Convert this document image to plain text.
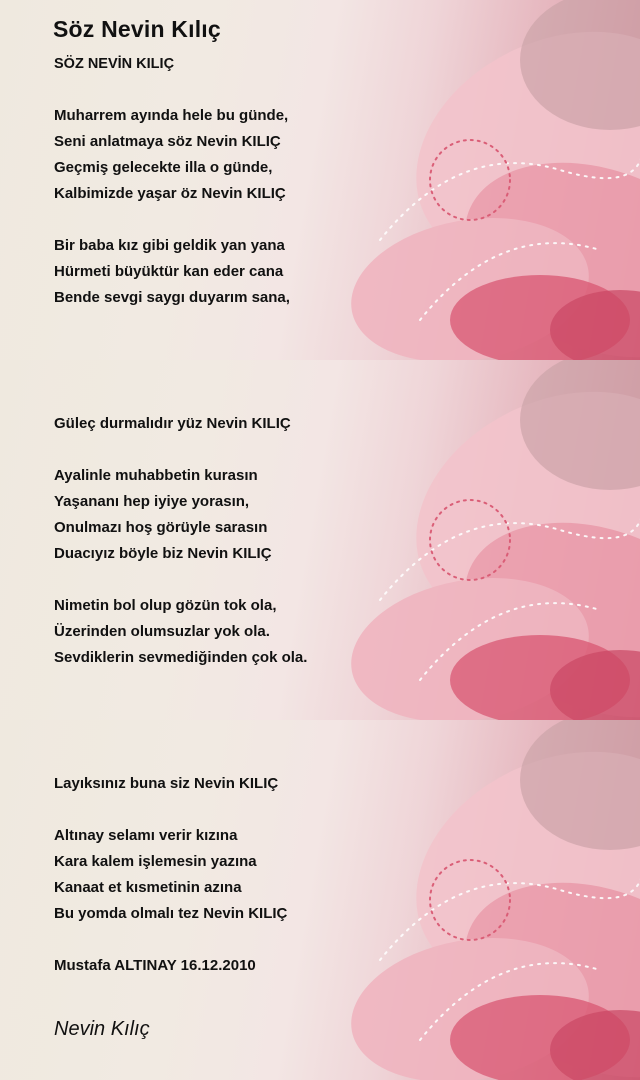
Söz Nevin Kılıç
SÖZ NEVİN KILIÇ
Muharrem ayında hele bu günde,
Seni anlatmaya söz Nevin KILIÇ
Geçmiş gelecekte illa o günde,
Kalbimizde yaşar öz Nevin KILIÇ
Bir baba kız gibi geldik yan yana
Hürmeti büyüktür kan eder cana
Bende sevgi saygı duyarım sana,
Güleç durmalıdır yüz Nevin KILIÇ
Ayalinle muhabbetin kurasın
Yaşananı hep iyiye yorasın,
Onulmazı hoş görüyle sarasın
Duacıyız böyle biz Nevin KILIÇ
Nimetin bol olup gözün tok ola,
Üzerinden olumsuzlar yok ola.
Sevdiklerin sevmediğinden çok ola.
Layıksınız buna siz Nevin KILIÇ
Altınay selamı verir kızına
Kara kalem işlemesin yazına
Kanaat et kısmetinin azına
Bu yomda olmalı tez Nevin KILIÇ
Mustafa ALTINAY 16.12.2010
Nevin Kılıç
